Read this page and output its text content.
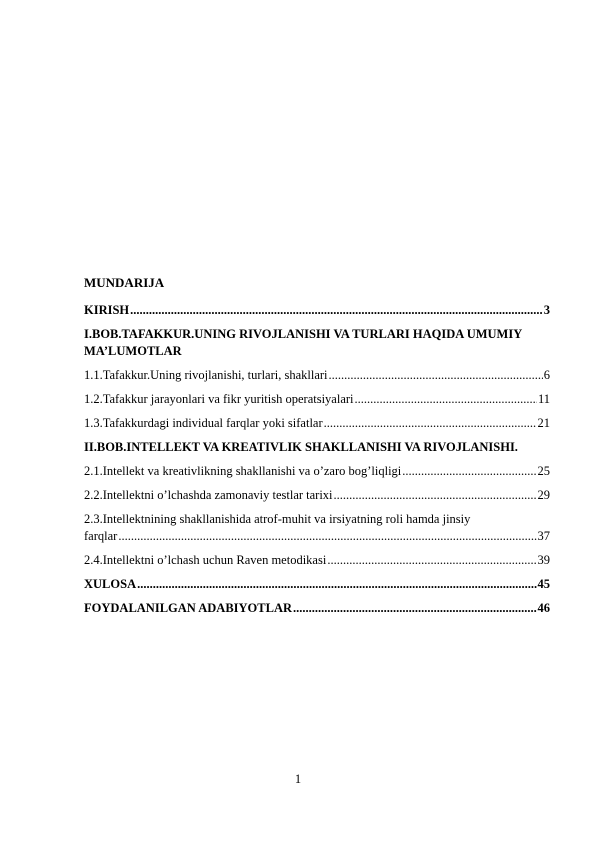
MUNDARIJA
KIRISH .....	3
I.BOB.TAFAKKUR.UNING RIVOJLANISHI VA TURLARI HAQIDA UMUMIY MA’LUMOTLAR
1.1.Tafakkur.Uning rivojlanishi, turlari, shakllari .....	6
1.2.Tafakkur jarayonlari va fikr yuritish operatsiyalari .....	11
1.3.Tafakkurdagi individual farqlar yoki sifatlar .....	21
II.BOB.INTELLEKT VA KREATIVLIK SHAKLLANISHI VA RIVOJLANISHI.
2.1.Intellekt va kreativlikning shakllanishi va o’zaro bog’liqligi .....	25
2.2.Intellektni o’lchashda zamonaviy testlar tarixi .....	29
2.3.Intellektnining shakllanishida atrof-muhit va irsiyatning roli hamda jinsiy
farqlar .....	37
2.4.Intellektni o’lchash uchun Raven metodikasi .....	39
XULOSA .....	45
FOYDALANILGAN ADABIYOTLAR .....	46
1
